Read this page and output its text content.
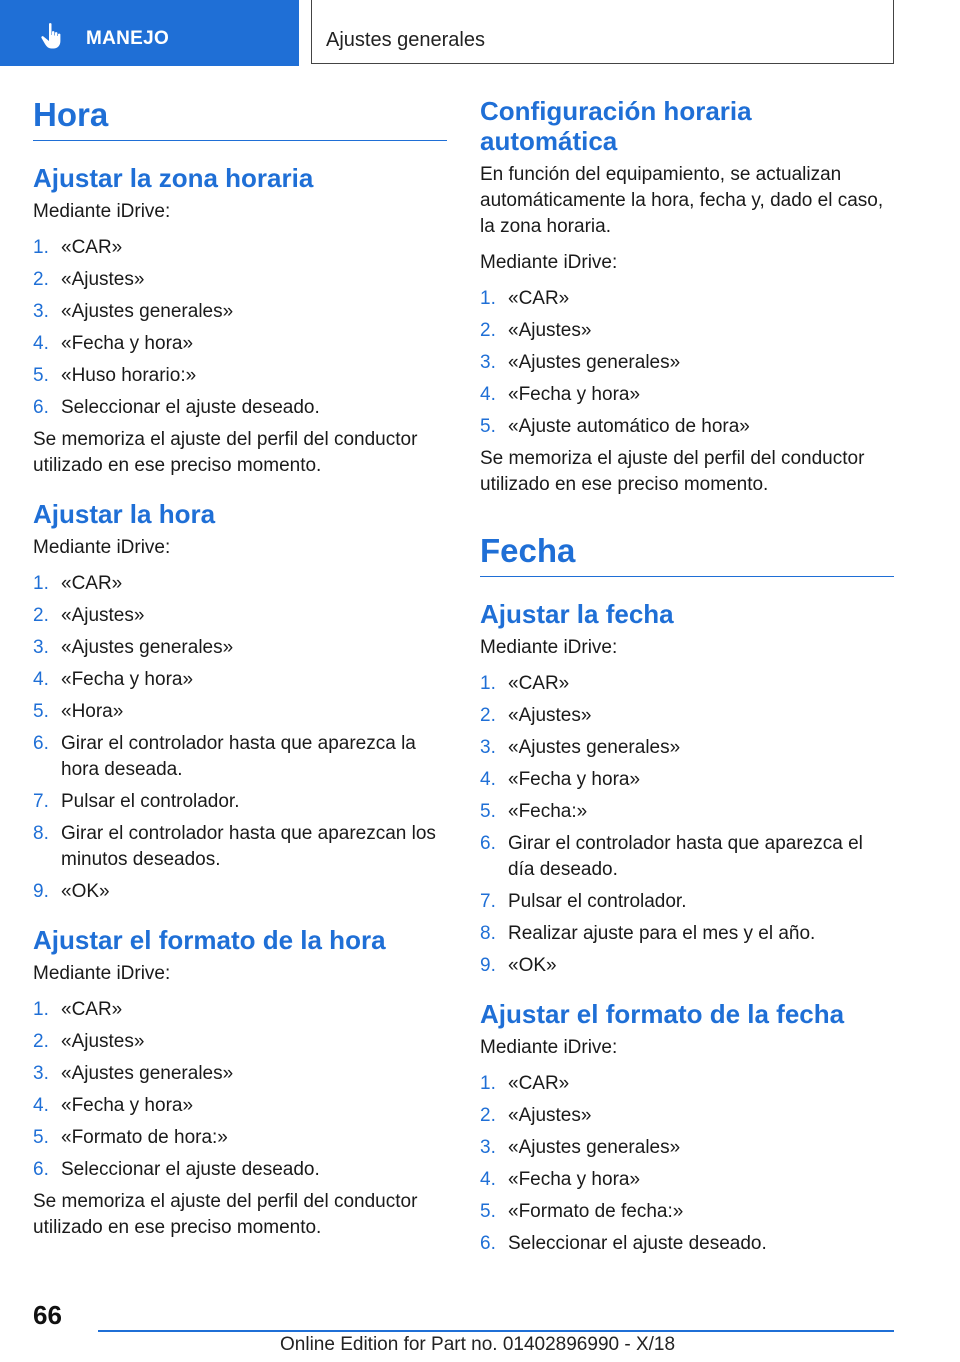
MANEJO	Ajustes generales
Hora
Ajustar la zona horaria

Mediante iDrive:

1. «CAR»
2. «Ajustes»
3. «Ajustes generales»
4. «Fecha y hora»
5. «Huso horario:»
6. Seleccionar el ajuste deseado.

Se memoriza el ajuste del perfil del conductor utilizado en ese preciso momento.

Ajustar la hora

Mediante iDrive:

1. «CAR»
2. «Ajustes»
3. «Ajustes generales»
4. «Fecha y hora»
5. «Hora»
6. Girar el controlador hasta que aparezca la hora deseada.
7. Pulsar el controlador.
8. Girar el controlador hasta que aparezcan los minutos deseados.
9. «OK»
Ajustar el formato de la hora

Mediante iDrive:

1. «CAR»
2. «Ajustes»
3. «Ajustes generales»
4. «Fecha y hora»
5. «Formato de hora:»
6. Seleccionar el ajuste deseado.

Se memoriza el ajuste del perfil del conductor utilizado en ese preciso momento.

Configuración horaria automática

En función del equipamiento, se actualizan automáticamente la hora, fecha y, dado el caso, la zona horaria.

Mediante iDrive:

1. «CAR»
2. «Ajustes»
3. «Ajustes generales»
4. «Fecha y hora»
5. «Ajuste automático de hora»

Se memoriza el ajuste del perfil del conductor utilizado en ese preciso momento.

Fecha
Ajustar la fecha

Mediante iDrive:

1. «CAR»
2. «Ajustes»
3. «Ajustes generales»
4. «Fecha y hora»
5. «Fecha:»
6. Girar el controlador hasta que aparezca el día deseado.
7. Pulsar el controlador.
8. Realizar ajuste para el mes y el año.
9. «OK»
Ajustar el formato de la fecha

Mediante iDrive:

1. «CAR»
2. «Ajustes»
3. «Ajustes generales»
4. «Fecha y hora»
5. «Formato de fecha:»
6. Seleccionar el ajuste deseado.
66
Online Edition for Part no. 01402896990 - X/18
